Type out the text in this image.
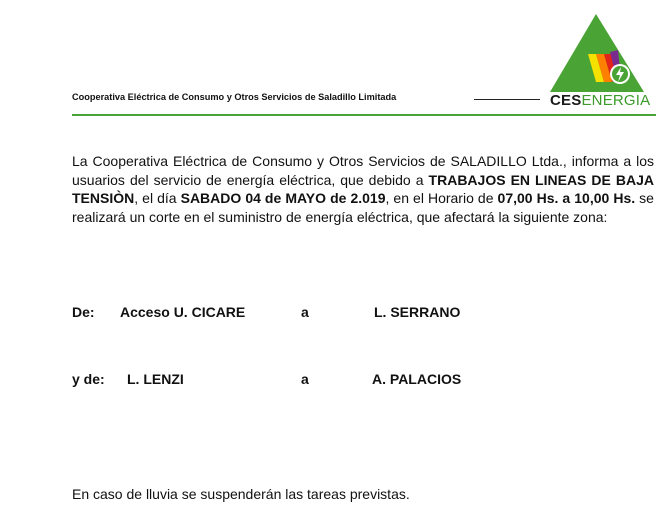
Cooperativa Eléctrica de Consumo y Otros Servicios de Saladillo Limitada	CESENERGIA
La Cooperativa Eléctrica de Consumo y Otros Servicios de SALADILLO Ltda., informa a los usuarios del servicio de energía eléctrica, que debido a TRABAJOS EN LINEAS DE BAJA TENSIÒN, el día SABADO 04 de MAYO de 2.019, en el Horario de 07,00 Hs. a 10,00 Hs. se realizará un corte en el suministro de energía eléctrica, que afectará la siguiente zona:
De: Acceso U. CICARE	a	L. SERRANO
y de: L. LENZI	a	A. PALACIOS
En caso de lluvia se suspenderán las tareas previstas.
